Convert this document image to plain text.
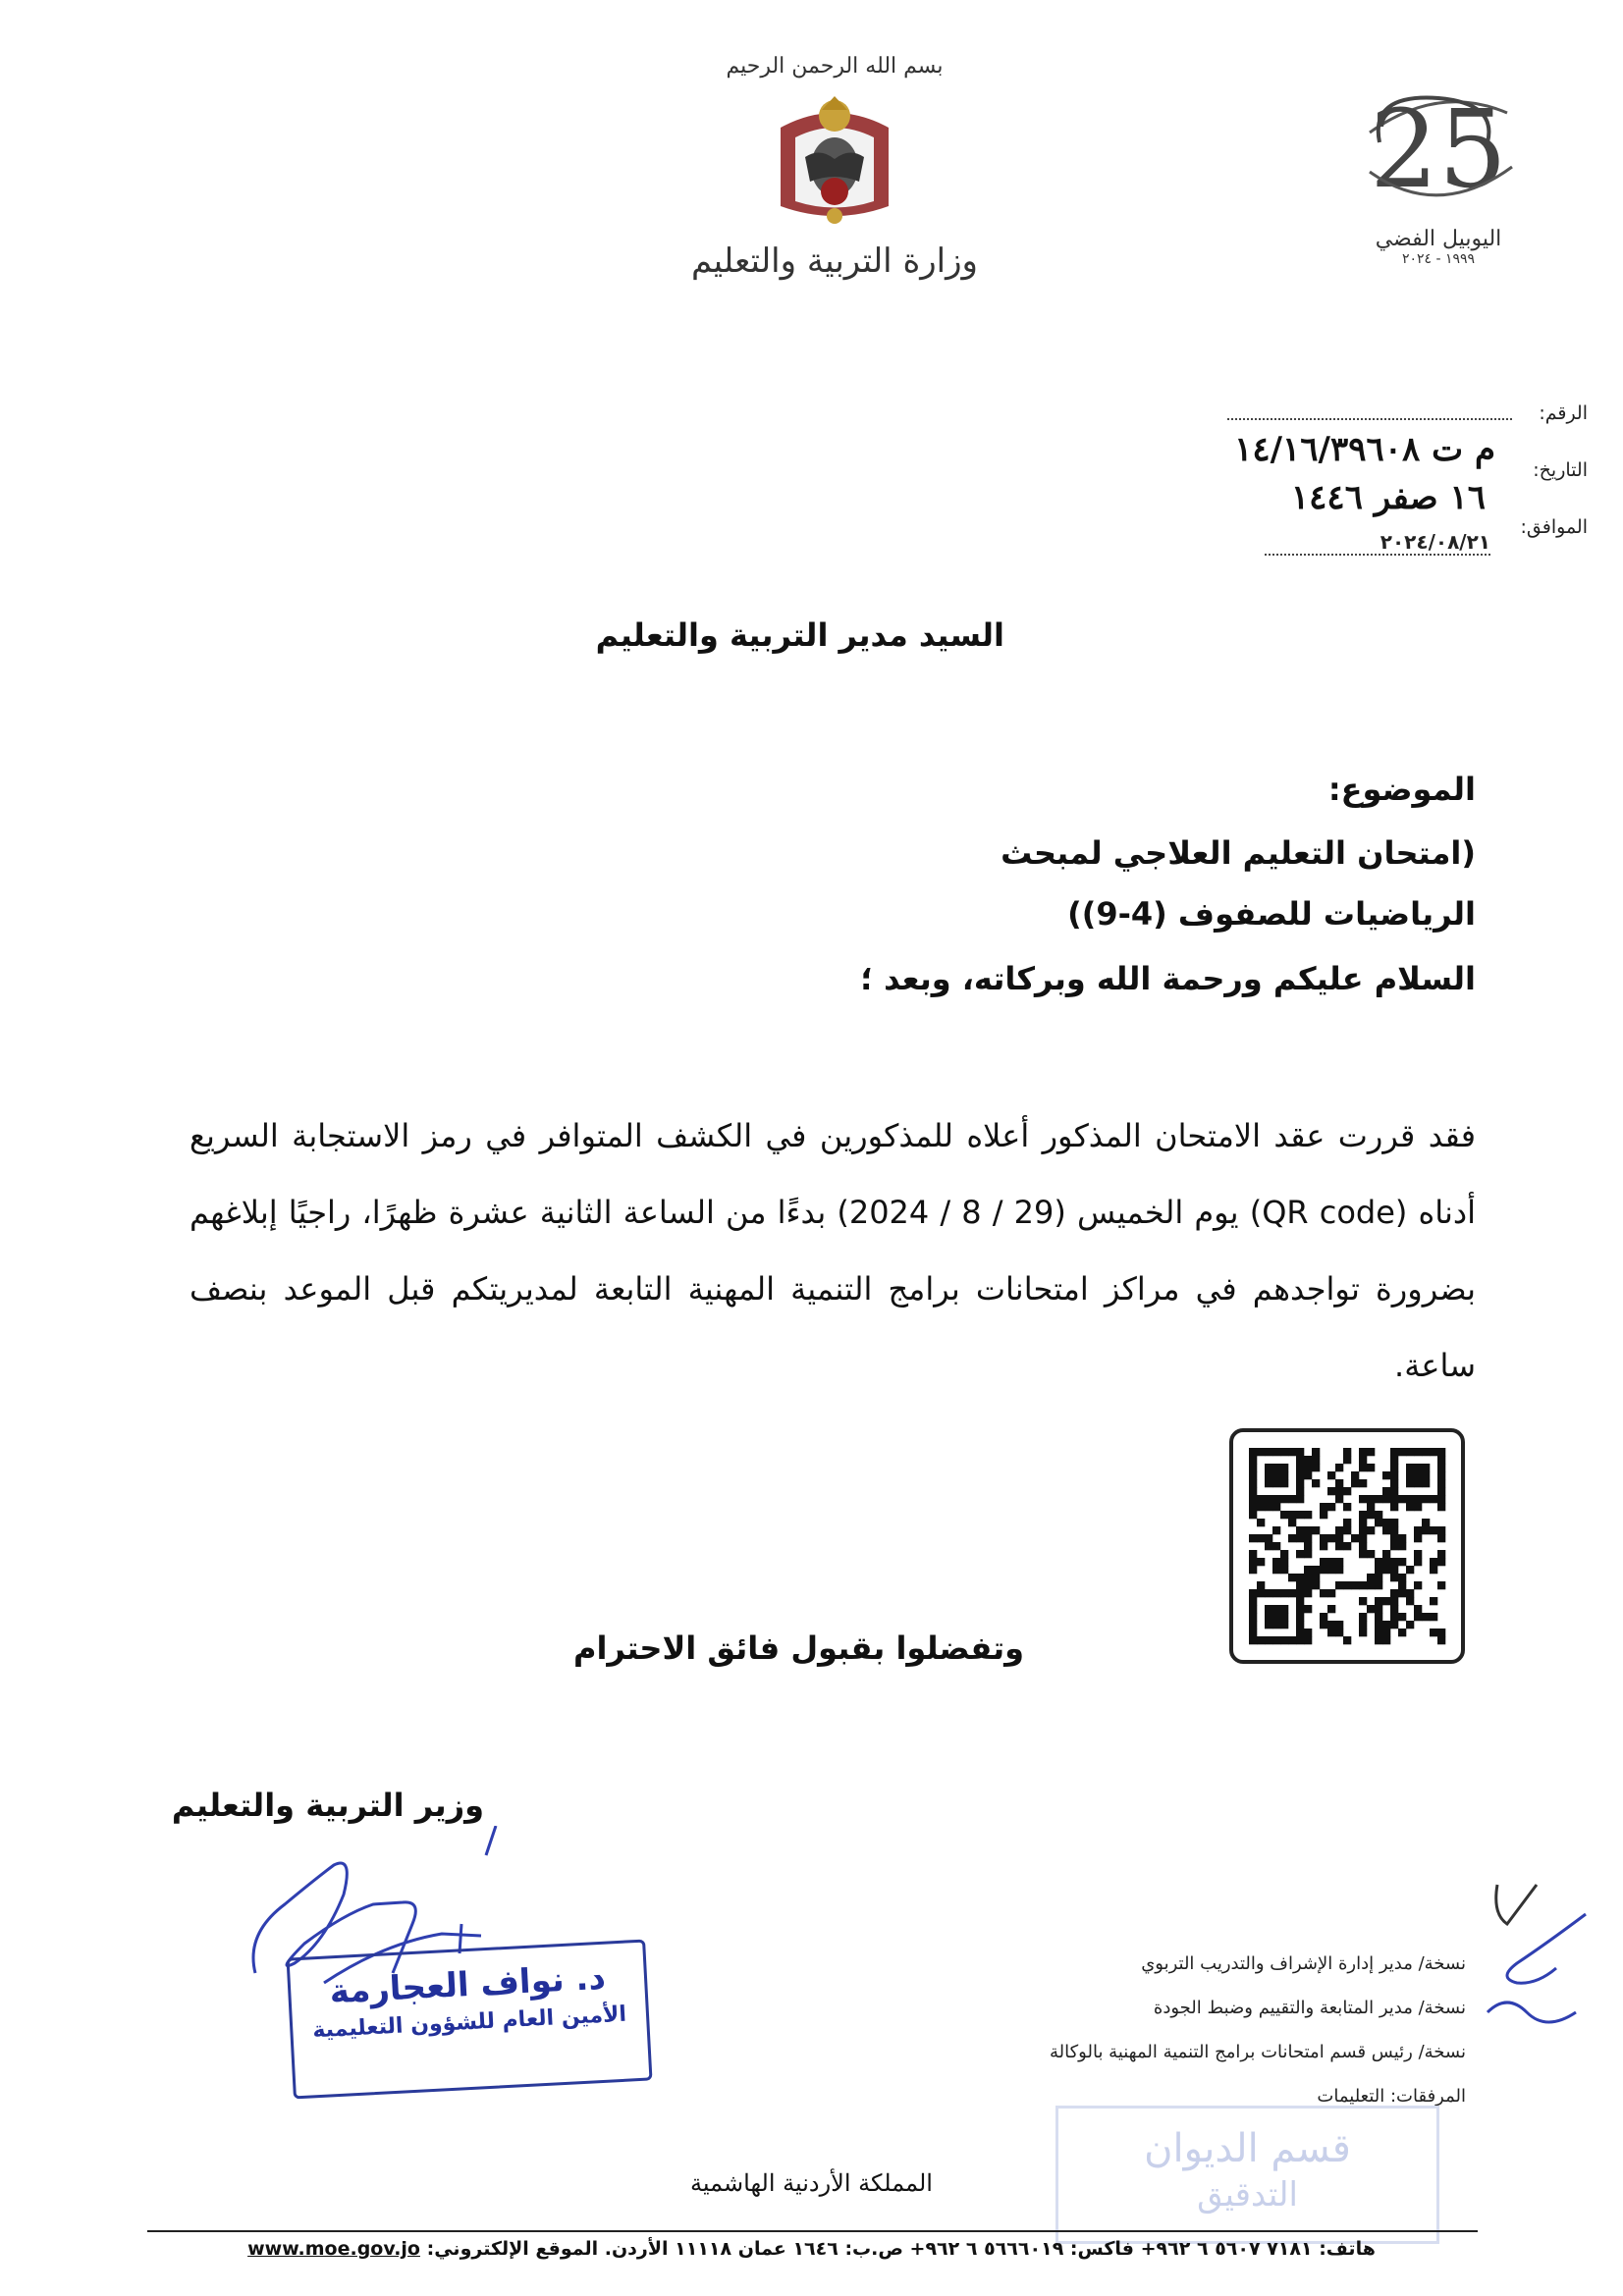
بسم الله الرحمن الرحيم
وزارة التربية والتعليم
25
اليوبيل الفضي
١٩٩٩ - ٢٠٢٤
الرقم:
م ت ١٤/١٦/٣٩٦٠٨
التاريخ:
١٦ صفر ١٤٤٦
الموافق:
٢٠٢٤/٠٨/٢١
السيد مدير التربية والتعليم
الموضوع:
(امتحان التعليم العلاجي لمبحث
الرياضيات للصفوف (4-9))
السلام عليكم ورحمة الله وبركاته، وبعد ؛
فقد قررت عقد الامتحان المذكور أعلاه للمذكورين في الكشف المتوافر في رمز الاستجابة السريع أدناه (QR code) يوم الخميس (29 / 8 / 2024) بدءًا من الساعة الثانية عشرة ظهرًا، راجيًا إبلاغهم بضرورة تواجدهم في مراكز امتحانات برامج التنمية المهنية التابعة لمديريتكم قبل الموعد بنصف ساعة.
وتفضلوا بقبول فائق الاحترام
وزير التربية والتعليم
د. نواف العجارمة
الأمين العام للشؤون التعليمية
نسخة/ مدير إدارة الإشراف والتدريب التربوي
نسخة/ مدير المتابعة والتقييم وضبط الجودة
نسخة/ رئيس قسم امتحانات برامج التنمية المهنية بالوكالة
المرفقات: التعليمات
قسم الديوان
التدقيق
المملكة الأردنية الهاشمية
هاتف: ٧١٨١ ٥٦٠٧ ٦ ٩٦٢+ فاكس: ٥٦٦٦٠١٩ ٦ ٩٦٢+ ص.ب: ١٦٤٦ عمان ١١١١٨ الأردن. الموقع الإلكتروني: www.moe.gov.jo
